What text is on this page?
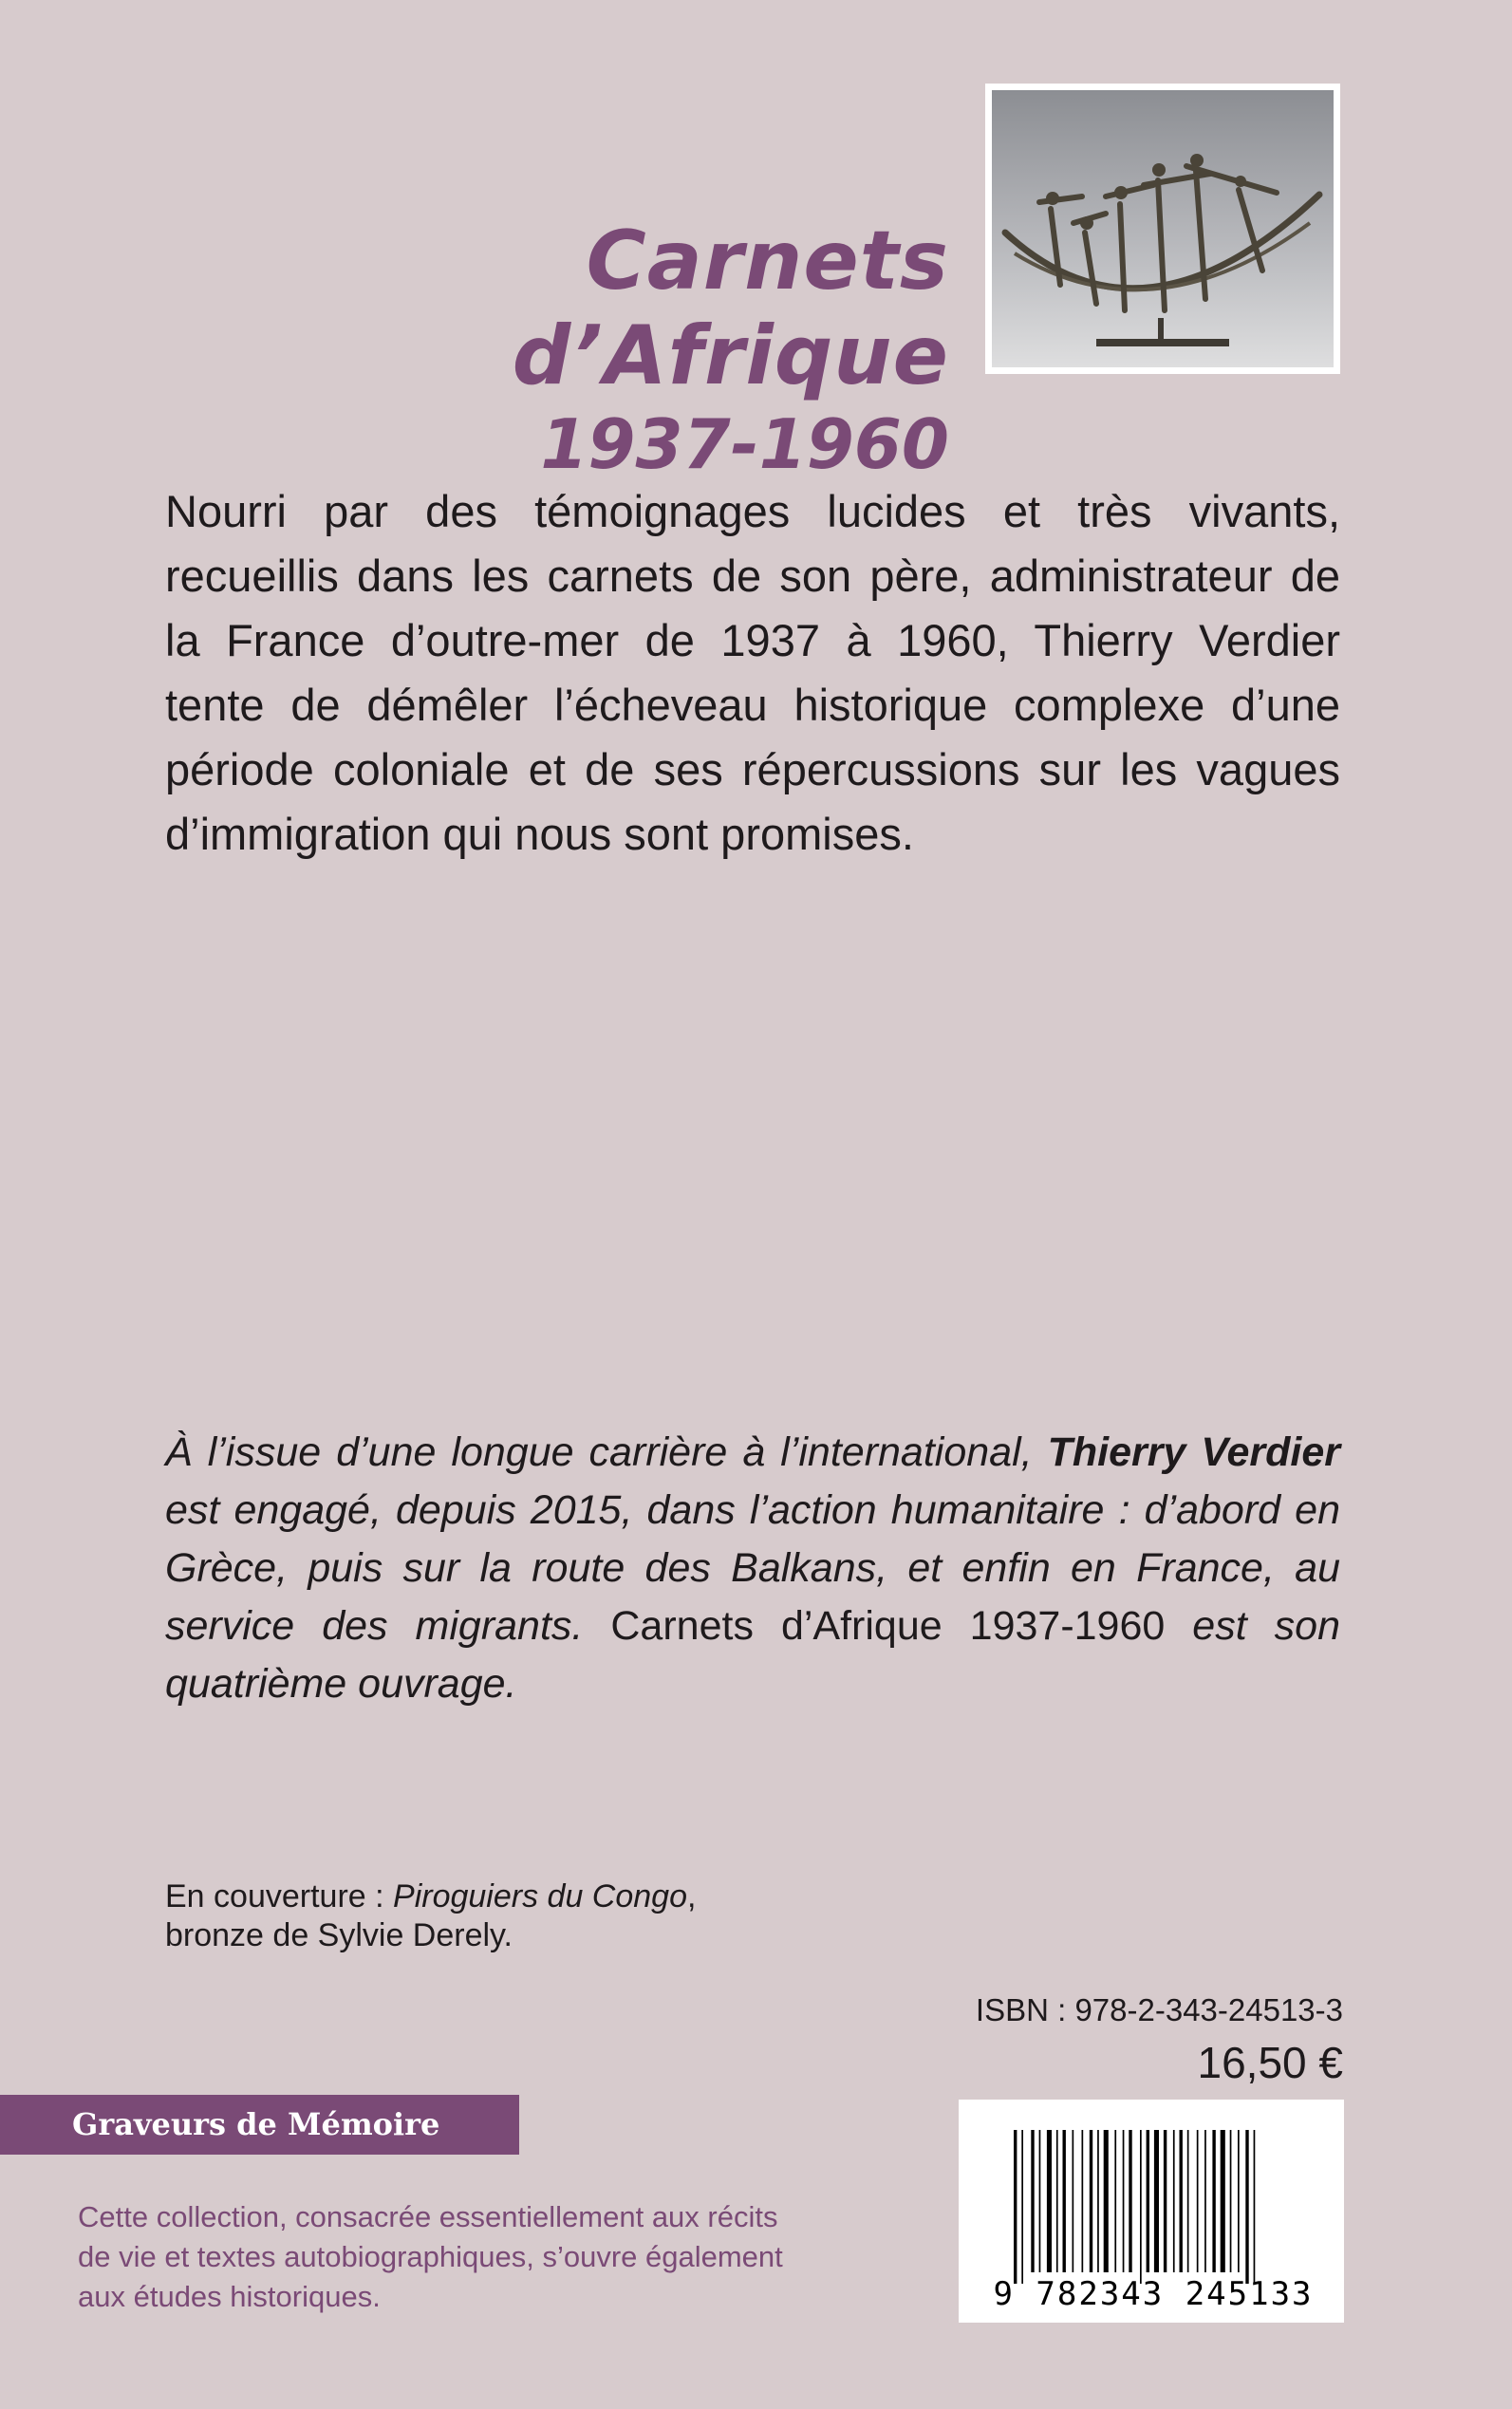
Carnets d’Afrique
1937-1960

Nourri par des témoignages lucides et très vivants, recueillis dans les carnets de son père, administrateur de la France d’outre-mer de 1937 à 1960, Thierry Verdier tente de démêler l’écheveau historique complexe d’une période coloniale et de ses répercussions sur les vagues d’immigration qui nous sont promises.

À l’issue d’une longue carrière à l’international, Thierry Verdier est engagé, depuis 2015, dans l’action humanitaire : d’abord en Grèce, puis sur la route des Balkans, et enfin en France, au service des migrants. Carnets d’Afrique 1937-1960 est son quatrième ouvrage.

En couverture : Piroguiers du Congo,
bronze de Sylvie Derely.

ISBN : 978-2-343-24513-3
16,50 €
Graveurs de Mémoire

Cette collection, consacrée essentiellement aux récits de vie et textes autobiographiques, s’ouvre également aux études historiques.	9 782343 245133
